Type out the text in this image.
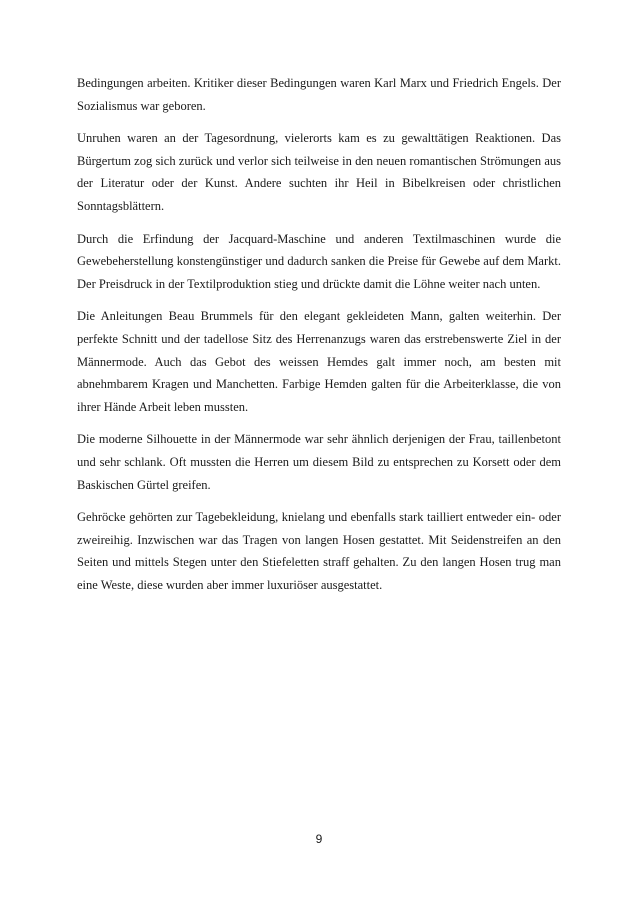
Bedingungen arbeiten. Kritiker dieser Bedingungen waren Karl Marx und Friedrich Engels. Der Sozialismus war geboren.

Unruhen waren an der Tagesordnung, vielerorts kam es zu gewalttätigen Reaktionen. Das Bürgertum zog sich zurück und verlor sich teilweise in den neuen romantischen Strömungen aus der Literatur oder der Kunst. Andere suchten ihr Heil in Bibelkreisen oder christlichen Sonntagsblättern.

Durch die Erfindung der Jacquard-Maschine und anderen Textilmaschinen wurde die Gewebeherstellung konstengünstiger und dadurch sanken die Preise für Gewebe auf dem Markt. Der Preisdruck in der Textilproduktion stieg und drückte damit die Löhne weiter nach unten.

Die Anleitungen Beau Brummels für den elegant gekleideten Mann, galten weiterhin. Der perfekte Schnitt und der tadellose Sitz des Herrenanzugs waren das erstrebenswerte Ziel in der Männermode. Auch das Gebot des weissen Hemdes galt immer noch, am besten mit abnehmbarem Kragen und Manchetten. Farbige Hemden galten für die Arbeiterklasse, die von ihrer Hände Arbeit leben mussten.

Die moderne Silhouette in der Männermode war sehr ähnlich derjenigen der Frau, taillenbetont und sehr schlank. Oft mussten die Herren um diesem Bild zu entsprechen zu Korsett oder dem Baskischen Gürtel greifen.

Gehröcke gehörten zur Tagebekleidung, knielang und ebenfalls stark tailliert entweder ein- oder zweireihig. Inzwischen war das Tragen von langen Hosen gestattet. Mit Seidenstreifen an den Seiten und mittels Stegen unter den Stiefeletten straff gehalten. Zu den langen Hosen trug man eine Weste, diese wurden aber immer luxuriöser ausgestattet.

9
